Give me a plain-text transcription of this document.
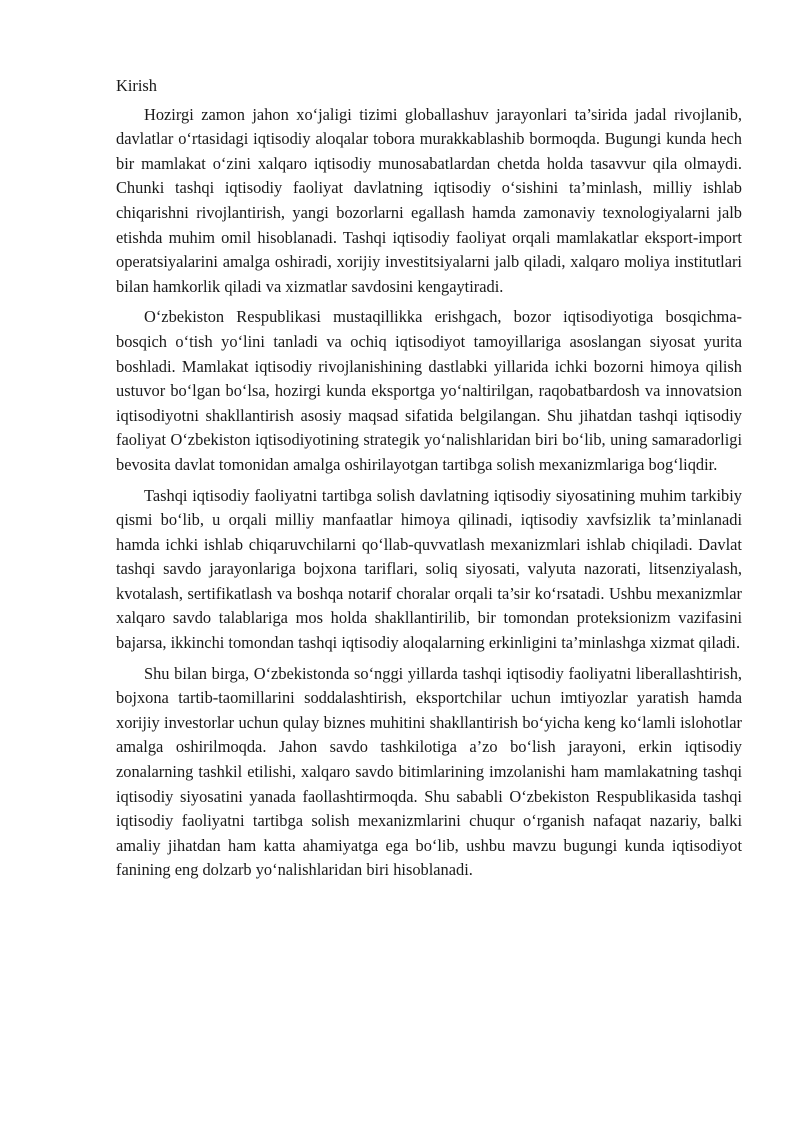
Kirish

Hozirgi zamon jahon xo‘jaligi tizimi globallashuv jarayonlari ta’sirida jadal rivojlanib, davlatlar o‘rtasidagi iqtisodiy aloqalar tobora murakkablashib bormoqda. Bugungi kunda hech bir mamlakat o‘zini xalqaro iqtisodiy munosabatlardan chetda holda tasavvur qila olmaydi. Chunki tashqi iqtisodiy faoliyat davlatning iqtisodiy o‘sishini ta’minlash, milliy ishlab chiqarishni rivojlantirish, yangi bozorlarni egallash hamda zamonaviy texnologiyalarni jalb etishda muhim omil hisoblanadi. Tashqi iqtisodiy faoliyat orqali mamlakatlar eksport-import operatsiyalarini amalga oshiradi, xorijiy investitsiyalarni jalb qiladi, xalqaro moliya institutlari bilan hamkorlik qiladi va xizmatlar savdosini kengaytiradi.

O‘zbekiston Respublikasi mustaqillikka erishgach, bozor iqtisodiyotiga bosqichma-bosqich o‘tish yo‘lini tanladi va ochiq iqtisodiyot tamoyillariga asoslangan siyosat yurita boshladi. Mamlakat iqtisodiy rivojlanishining dastlabki yillarida ichki bozorni himoya qilish ustuvor bo‘lgan bo‘lsa, hozirgi kunda eksportga yo‘naltirilgan, raqobatbardosh va innovatsion iqtisodiyotni shakllantirish asosiy maqsad sifatida belgilangan. Shu jihatdan tashqi iqtisodiy faoliyat O‘zbekiston iqtisodiyotining strategik yo‘nalishlaridan biri bo‘lib, uning samaradorligi bevosita davlat tomonidan amalga oshirilayotgan tartibga solish mexanizmlariga bog‘liqdir.

Tashqi iqtisodiy faoliyatni tartibga solish davlatning iqtisodiy siyosatining muhim tarkibiy qismi bo‘lib, u orqali milliy manfaatlar himoya qilinadi, iqtisodiy xavfsizlik ta’minlanadi hamda ichki ishlab chiqaruvchilarni qo‘llab-quvvatlash mexanizmlari ishlab chiqiladi. Davlat tashqi savdo jarayonlariga bojxona tariflari, soliq siyosati, valyuta nazorati, litsenziyalash, kvotalash, sertifikatlash va boshqa notarif choralar orqali ta’sir ko‘rsatadi. Ushbu mexanizmlar xalqaro savdo talablariga mos holda shakllantirilib, bir tomondan proteksionizm vazifasini bajarsa, ikkinchi tomondan tashqi iqtisodiy aloqalarning erkinligini ta’minlashga xizmat qiladi.

Shu bilan birga, O‘zbekistonda so‘nggi yillarda tashqi iqtisodiy faoliyatni liberallashtirish, bojxona tartib-taomillarini soddalashtirish, eksportchilar uchun imtiyozlar yaratish hamda xorijiy investorlar uchun qulay biznes muhitini shakllantirish bo‘yicha keng ko‘lamli islohotlar amalga oshirilmoqda. Jahon savdo tashkilotiga a’zo bo‘lish jarayoni, erkin iqtisodiy zonalarning tashkil etilishi, xalqaro savdo bitimlarining imzolanishi ham mamlakatning tashqi iqtisodiy siyosatini yanada faollashtirmoqda. Shu sababli O‘zbekiston Respublikasida tashqi iqtisodiy faoliyatni tartibga solish mexanizmlarini chuqur o‘rganish nafaqat nazariy, balki amaliy jihatdan ham katta ahamiyatga ega bo‘lib, ushbu mavzu bugungi kunda iqtisodiyot fanining eng dolzarb yo‘nalishlaridan biri hisoblanadi.
